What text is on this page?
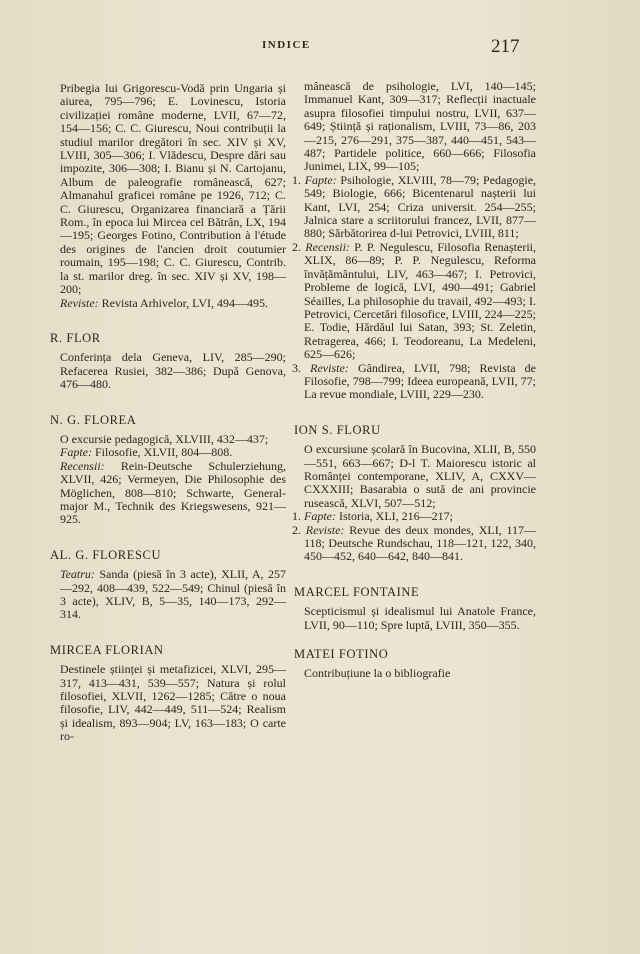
INDICE	217

Pribegia lui Grigorescu-Vodă prin Ungaria și aiurea, 795—796; E. Lovinescu, Istoria civilizației române moderne, LVII, 67—72, 154—156; C. C. Giurescu, Noui contribuții la studiul marilor dregători în sec. XIV și XV, LVIII, 305—306; I. Vlădescu, Despre dări sau impozite, 306—308; I. Bianu și N. Cartojanu, Album de paleografie românească, 627; Almanahul graficei române pe 1926, 712; C. C. Giurescu, Organizarea financiară a Țării Rom., în epoca lui Mircea cel Bătrân, LX, 194—195; Georges Fotino, Contribution à l'étude des origines de l'ancien droit coutumier roumain, 195—198; C. C. Giurescu, Contrib. la st. marilor dreg. în sec. XIV și XV, 198—200;

Reviste: Revista Arhivelor, LVI, 494—495.

R. FLOR

Conferința dela Geneva, LIV, 285—290; Refacerea Rusiei, 382—386; După Genova, 476—480.

N. G. FLOREA

O excursie pedagogică, XLVIII, 432—437;

Fapte: Filosofie, XLVII, 804—808.

Recensii: Rein-Deutsche Schulerziehung, XLVII, 426; Vermeyen, Die Philosophie des Möglichen, 808—810; Schwarte, General-major M., Technik des Kriegswesens, 921—925.

AL. G. FLORESCU

Teatru: Sanda (piesă în 3 acte), XLII, A, 257—292, 408—439, 522—549; Chinul (piesă în 3 acte), XLIV, B, 5—35, 140—173, 292—314.

MIRCEA FLORIAN

Destinele științei și metafizicei, XLVI, 295—317, 413—431, 539—557; Natura și rolul filosofiei, XLVII, 1262—1285; Către o noua filosofie, LIV, 442—449, 511—524; Realism și idealism, 893—904; LV, 163—183; O carte ro-

mânească de psihologie, LVI, 140—145; Immanuel Kant, 309—317; Reflecții inactuale asupra filosofiei timpului nostru, LVII, 637—649; Știință și raționalism, LVIII, 73—86, 203—215, 276—291, 375—387, 440—451, 543—487; Partidele politice, 660—666; Filosofia Junimei, LIX, 99—105;

1. Fapte: Psihologie, XLVIII, 78—79; Pedagogie, 549; Biologie, 666; Bicentenarul nașterii lui Kant, LVI, 254; Criza universit. 254—255; Jalnica stare a scriitorului francez, LVII, 877—880; Sărbătorirea d-lui Petrovici, LVIII, 811;

2. Recensii: P. P. Negulescu, Filosofia Renașterii, XLIX, 86—89; P. P. Negulescu, Reforma învățământului, LIV, 463—467; I. Petrovici, Probleme de logică, LVI, 490—491; Gabriel Séailles, La philosophie du travail, 492—493; I. Petrovici, Cercetări filosofice, LVIII, 224—225; E. Todie, Hărdăul lui Satan, 393; St. Zeletin, Retragerea, 466; I. Teodoreanu, La Medeleni, 625—626;

3. Reviste: Gândirea, LVII, 798; Revista de Filosofie, 798—799; Ideea europeană, LVII, 77; La revue mondiale, LVIII, 229—230.

ION S. FLORU

O excursiune școlară în Bucovina, XLII, B, 550—551, 663—667; D-l T. Maiorescu istoric al Românței contemporane, XLIV, A, CXXV—CXXXIII; Basarabia o sută de ani provincie rusească, XLVI, 507—512;

1. Fapte: Istoria, XLI, 216—217;

2. Reviste: Revue des deux mondes, XLI, 117—118; Deutsche Rundschau, 118—121, 122, 340, 450—452, 640—642, 840—841.

MARCEL FONTAINE

Scepticismul și idealismul lui Anatole France, LVII, 90—110; Spre luptă, LVIII, 350—355.

MATEI FOTINO

Contribuțiune la o bibliografie
